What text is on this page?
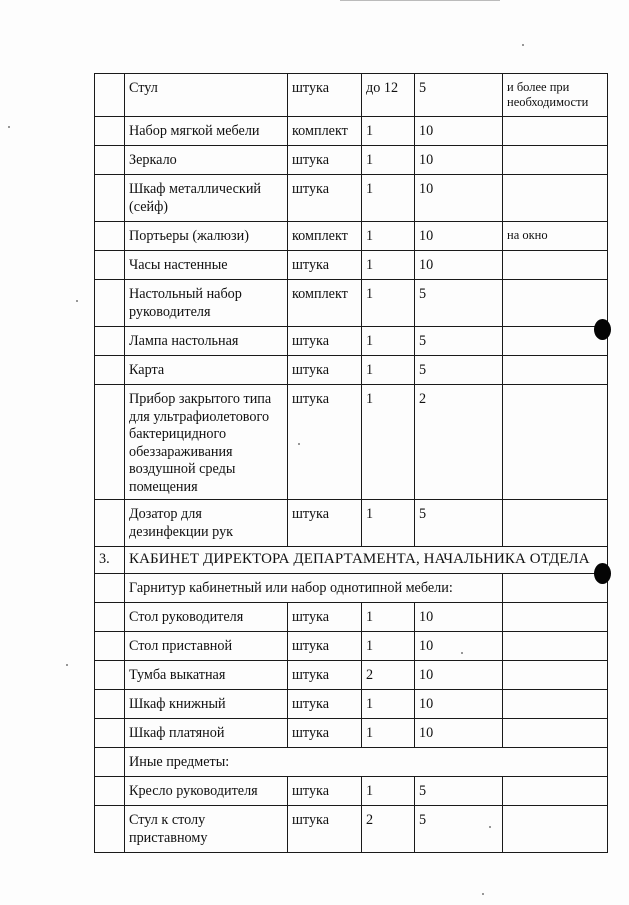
	Стул	штука	до 12	5	и более при необходимости
	Набор мягкой мебели	комплект	1	10	
	Зеркало	штука	1	10	
	Шкаф металлический (сейф)	штука	1	10	
	Портьеры (жалюзи)	комплект	1	10	на окно
	Часы настенные	штука	1	10	
	Настольный набор руководителя	комплект	1	5	
	Лампа настольная	штука	1	5	
	Карта	штука	1	5	
	Прибор закрытого типа для ультрафиолетового бактерицидного обеззараживания воздушной среды помещения	штука	1	2	
	Дозатор для дезинфекции рук	штука	1	5	
3.	КАБИНЕТ ДИРЕКТОРА ДЕПАРТАМЕНТА, НАЧАЛЬНИКА ОТДЕЛА				
	Гарнитур кабинетный или набор однотипной мебели:				
	Стол руководителя	штука	1	10	
	Стол приставной	штука	1	10	
	Тумба выкатная	штука	2	10	
	Шкаф книжный	штука	1	10	
	Шкаф платяной	штука	1	10	
	Иные предметы:				
	Кресло руководителя	штука	1	5	
	Стул к столу приставному	штука	2	5	
